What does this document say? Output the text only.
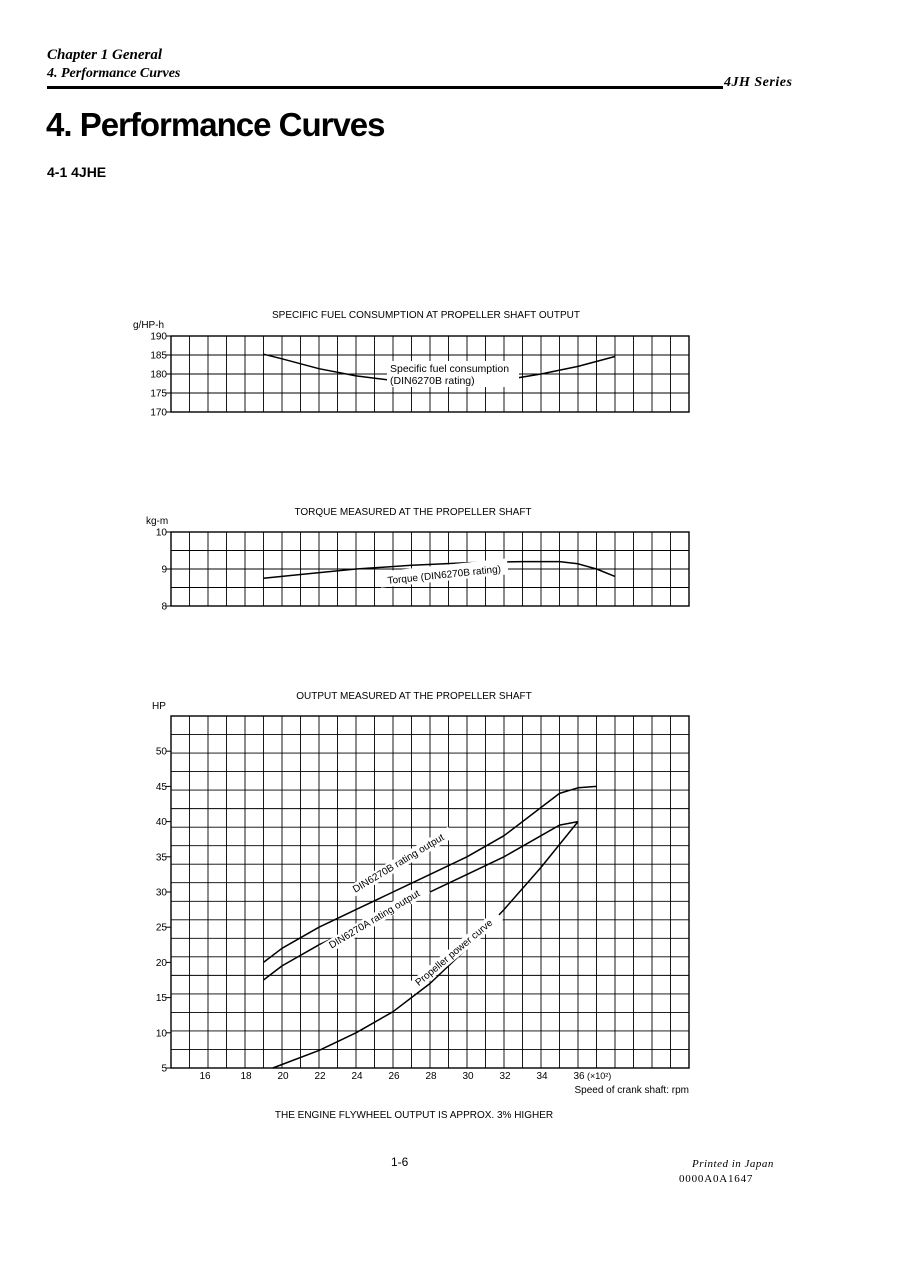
Chapter 1 General
4. Performance Curves
4JH Series
4. Performance Curves
4-1 4JHE
SPECIFIC FUEL CONSUMPTION AT PROPELLER SHAFT OUTPUT
g/HP-h
190
185
180
175
170
Specific fuel consumption
(DIN6270B rating)
TORQUE MEASURED AT THE PROPELLER SHAFT
kg-m
10
9
8
Torque (DIN6270B rating)
OUTPUT MEASURED AT THE PROPELLER SHAFT
HP
50
45
40
35
30
25
20
15
10
5
16	18	20	22	24	26	28	30	32	34	36 (×10²)
Speed of crank shaft: rpm
DIN6270B rating output
DIN6270A rating output
Propeller power curve
THE ENGINE FLYWHEEL OUTPUT IS APPROX. 3% HIGHER
1-6	Printed in Japan
0000A0A1647
